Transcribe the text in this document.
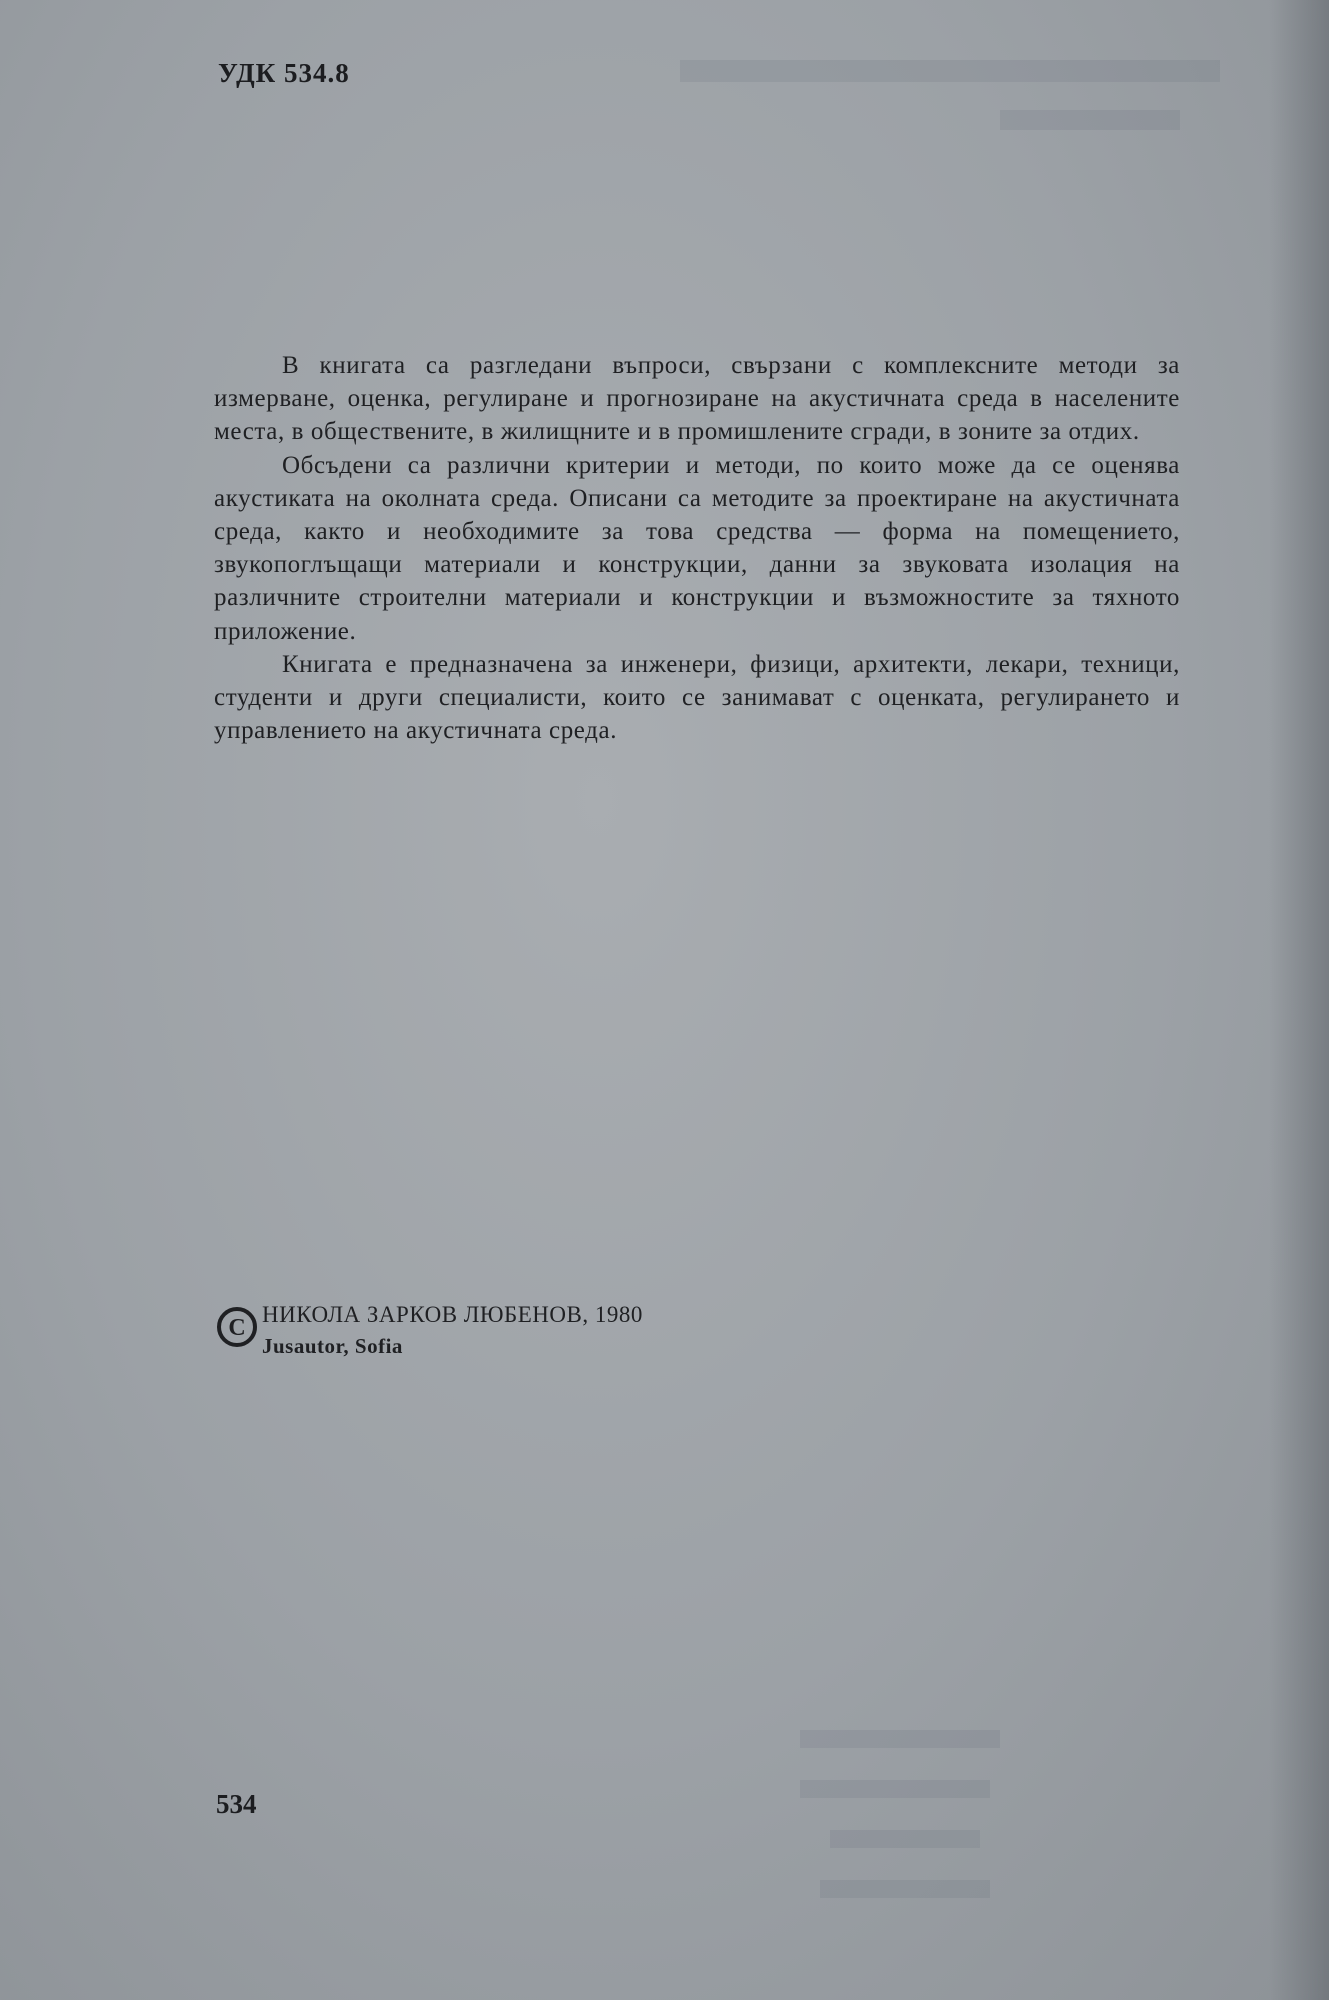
УДК 534.8

В книгата са разгледани въпроси, свързани с комплексните методи за измерване, оценка, регулиране и прогнозиране на акустичната среда в населените места, в обществените, в жилищните и в промишлените сгради, в зоните за отдих.

Обсъдени са различни критерии и методи, по които може да се оценява акустиката на околната среда. Описани са методите за проектиране на акустичната среда, както и необходимите за това средства — форма на помещението, звукопоглъщащи материали и конструкции, данни за звуковата изолация на различните строителни материали и конструкции и възможностите за тяхното приложение.

Книгата е предназначена за инженери, физици, архитекти, лекари, техници, студенти и други специалисти, които се занимават с оценката, регулирането и управлението на акустичната среда.

C
НИКОЛА ЗАРКОВ ЛЮБЕНОВ, 1980
Jusautor, Sofia
534
